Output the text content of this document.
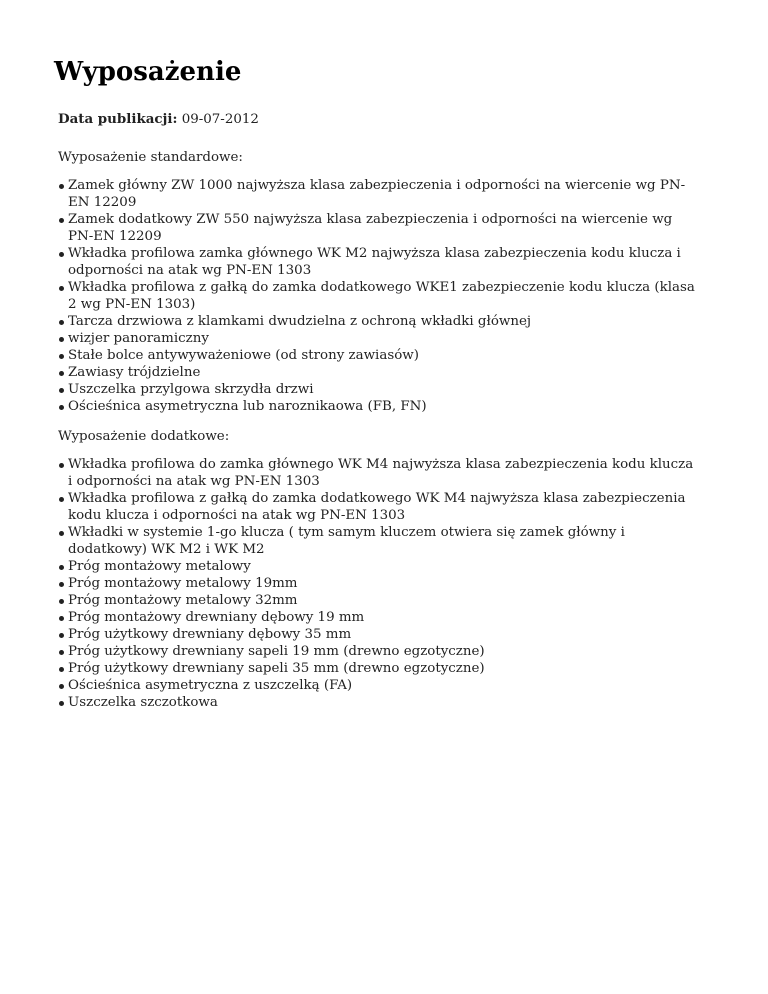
Wyposażenie
Data publikacji: 09-07-2012
Wyposażenie standardowe:
Zamek główny ZW 1000 najwyższa klasa zabezpieczenia i odporności na wiercenie wg PN-EN 12209
Zamek dodatkowy ZW 550 najwyższa klasa zabezpieczenia i odporności na wiercenie wg PN-EN 12209
Wkładka profilowa zamka głównego WK M2 najwyższa klasa zabezpieczenia kodu klucza i odporności na atak wg PN-EN 1303
Wkładka profilowa z gałką do zamka dodatkowego WKE1 zabezpieczenie kodu klucza (klasa 2 wg PN-EN 1303)
Tarcza drzwiowa z klamkami dwudzielna z ochroną wkładki głównej
wizjer panoramiczny
Stałe bolce antywyważeniowe (od strony zawiasów)
Zawiasy trójdzielne
Uszczelka przylgowa skrzydła drzwi
Ościeśnica asymetryczna lub naroznikaowa (FB, FN)
Wyposażenie dodatkowe:
Wkładka profilowa do zamka głównego WK M4 najwyższa klasa zabezpieczenia kodu klucza i odporności na atak wg PN-EN 1303
Wkładka profilowa z gałką do zamka dodatkowego WK M4 najwyższa klasa zabezpieczenia kodu klucza i odporności na atak wg PN-EN 1303
Wkładki w systemie 1-go klucza ( tym samym kluczem otwiera się zamek główny i dodatkowy) WK M2 i WK M2
Próg montażowy metalowy
Próg montażowy metalowy 19mm
Próg montażowy metalowy 32mm
Próg montażowy drewniany dębowy 19 mm
Próg użytkowy drewniany dębowy 35 mm
Próg użytkowy drewniany sapeli 19 mm (drewno egzotyczne)
Próg użytkowy drewniany sapeli 35 mm (drewno egzotyczne)
Ościeśnica asymetryczna z uszczelką (FA)
Uszczelka szczotkowa
